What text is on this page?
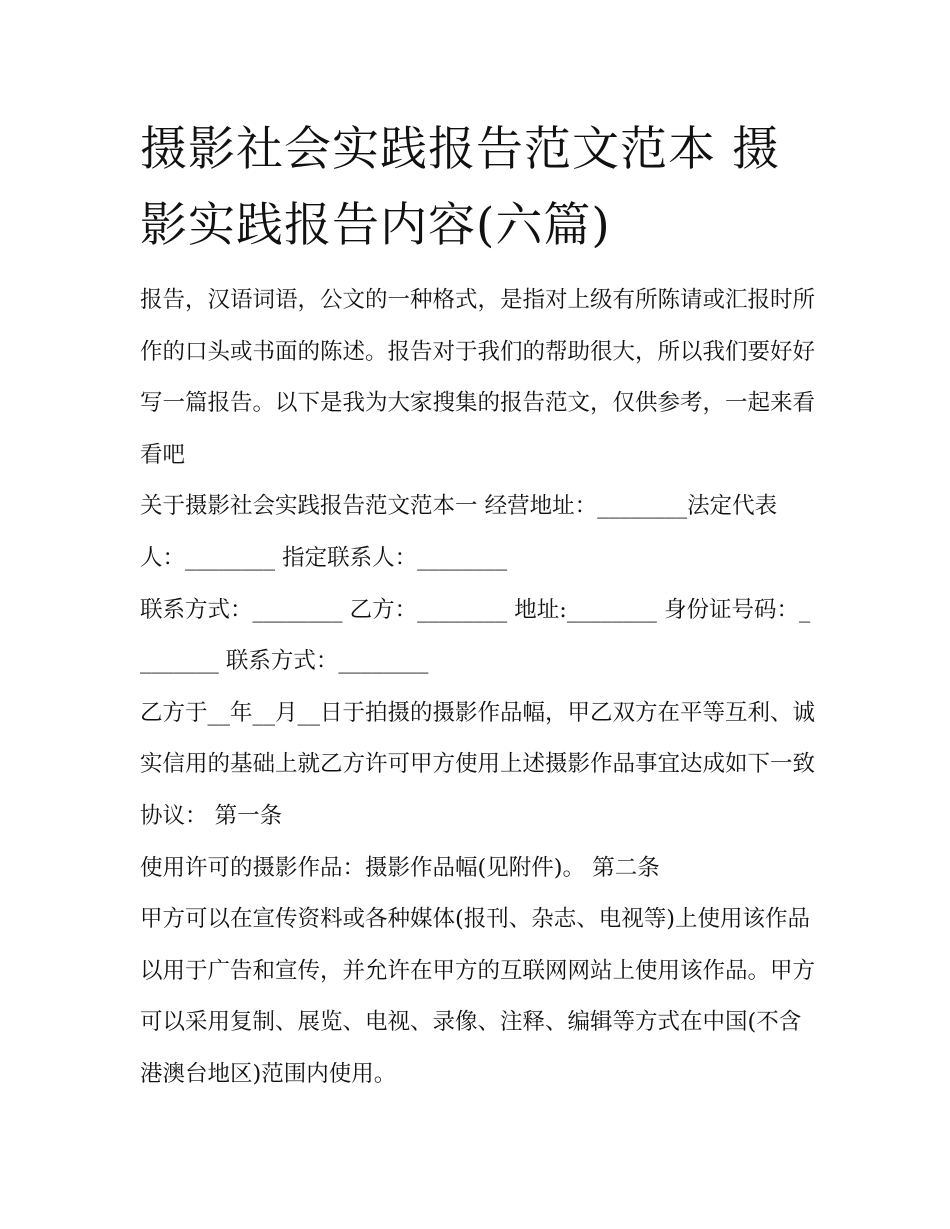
摄影社会实践报告范文范本 摄影实践报告内容(六篇)

报告，汉语词语，公文的一种格式，是指对上级有所陈请或汇报时所作的口头或书面的陈述。报告对于我们的帮助很大，所以我们要好好写一篇报告。以下是我为大家搜集的报告范文，仅供参考，一起来看看吧

关于摄影社会实践报告范文范本一 经营地址：________法定代表人：________ 指定联系人：________

联系方式：________ 乙方：________ 地址:________ 身份证号码：________ 联系方式：________

乙方于__年__月__日于拍摄的摄影作品幅，甲乙双方在平等互利、诚实信用的基础上就乙方许可甲方使用上述摄影作品事宜达成如下一致协议： 第一条

使用许可的摄影作品：摄影作品幅(见附件)。 第二条

甲方可以在宣传资料或各种媒体(报刊、杂志、电视等)上使用该作品以用于广告和宣传，并允许在甲方的互联网网站上使用该作品。甲方可以采用复制、展览、电视、录像、注释、编辑等方式在中国(不含港澳台地区)范围内使用。
